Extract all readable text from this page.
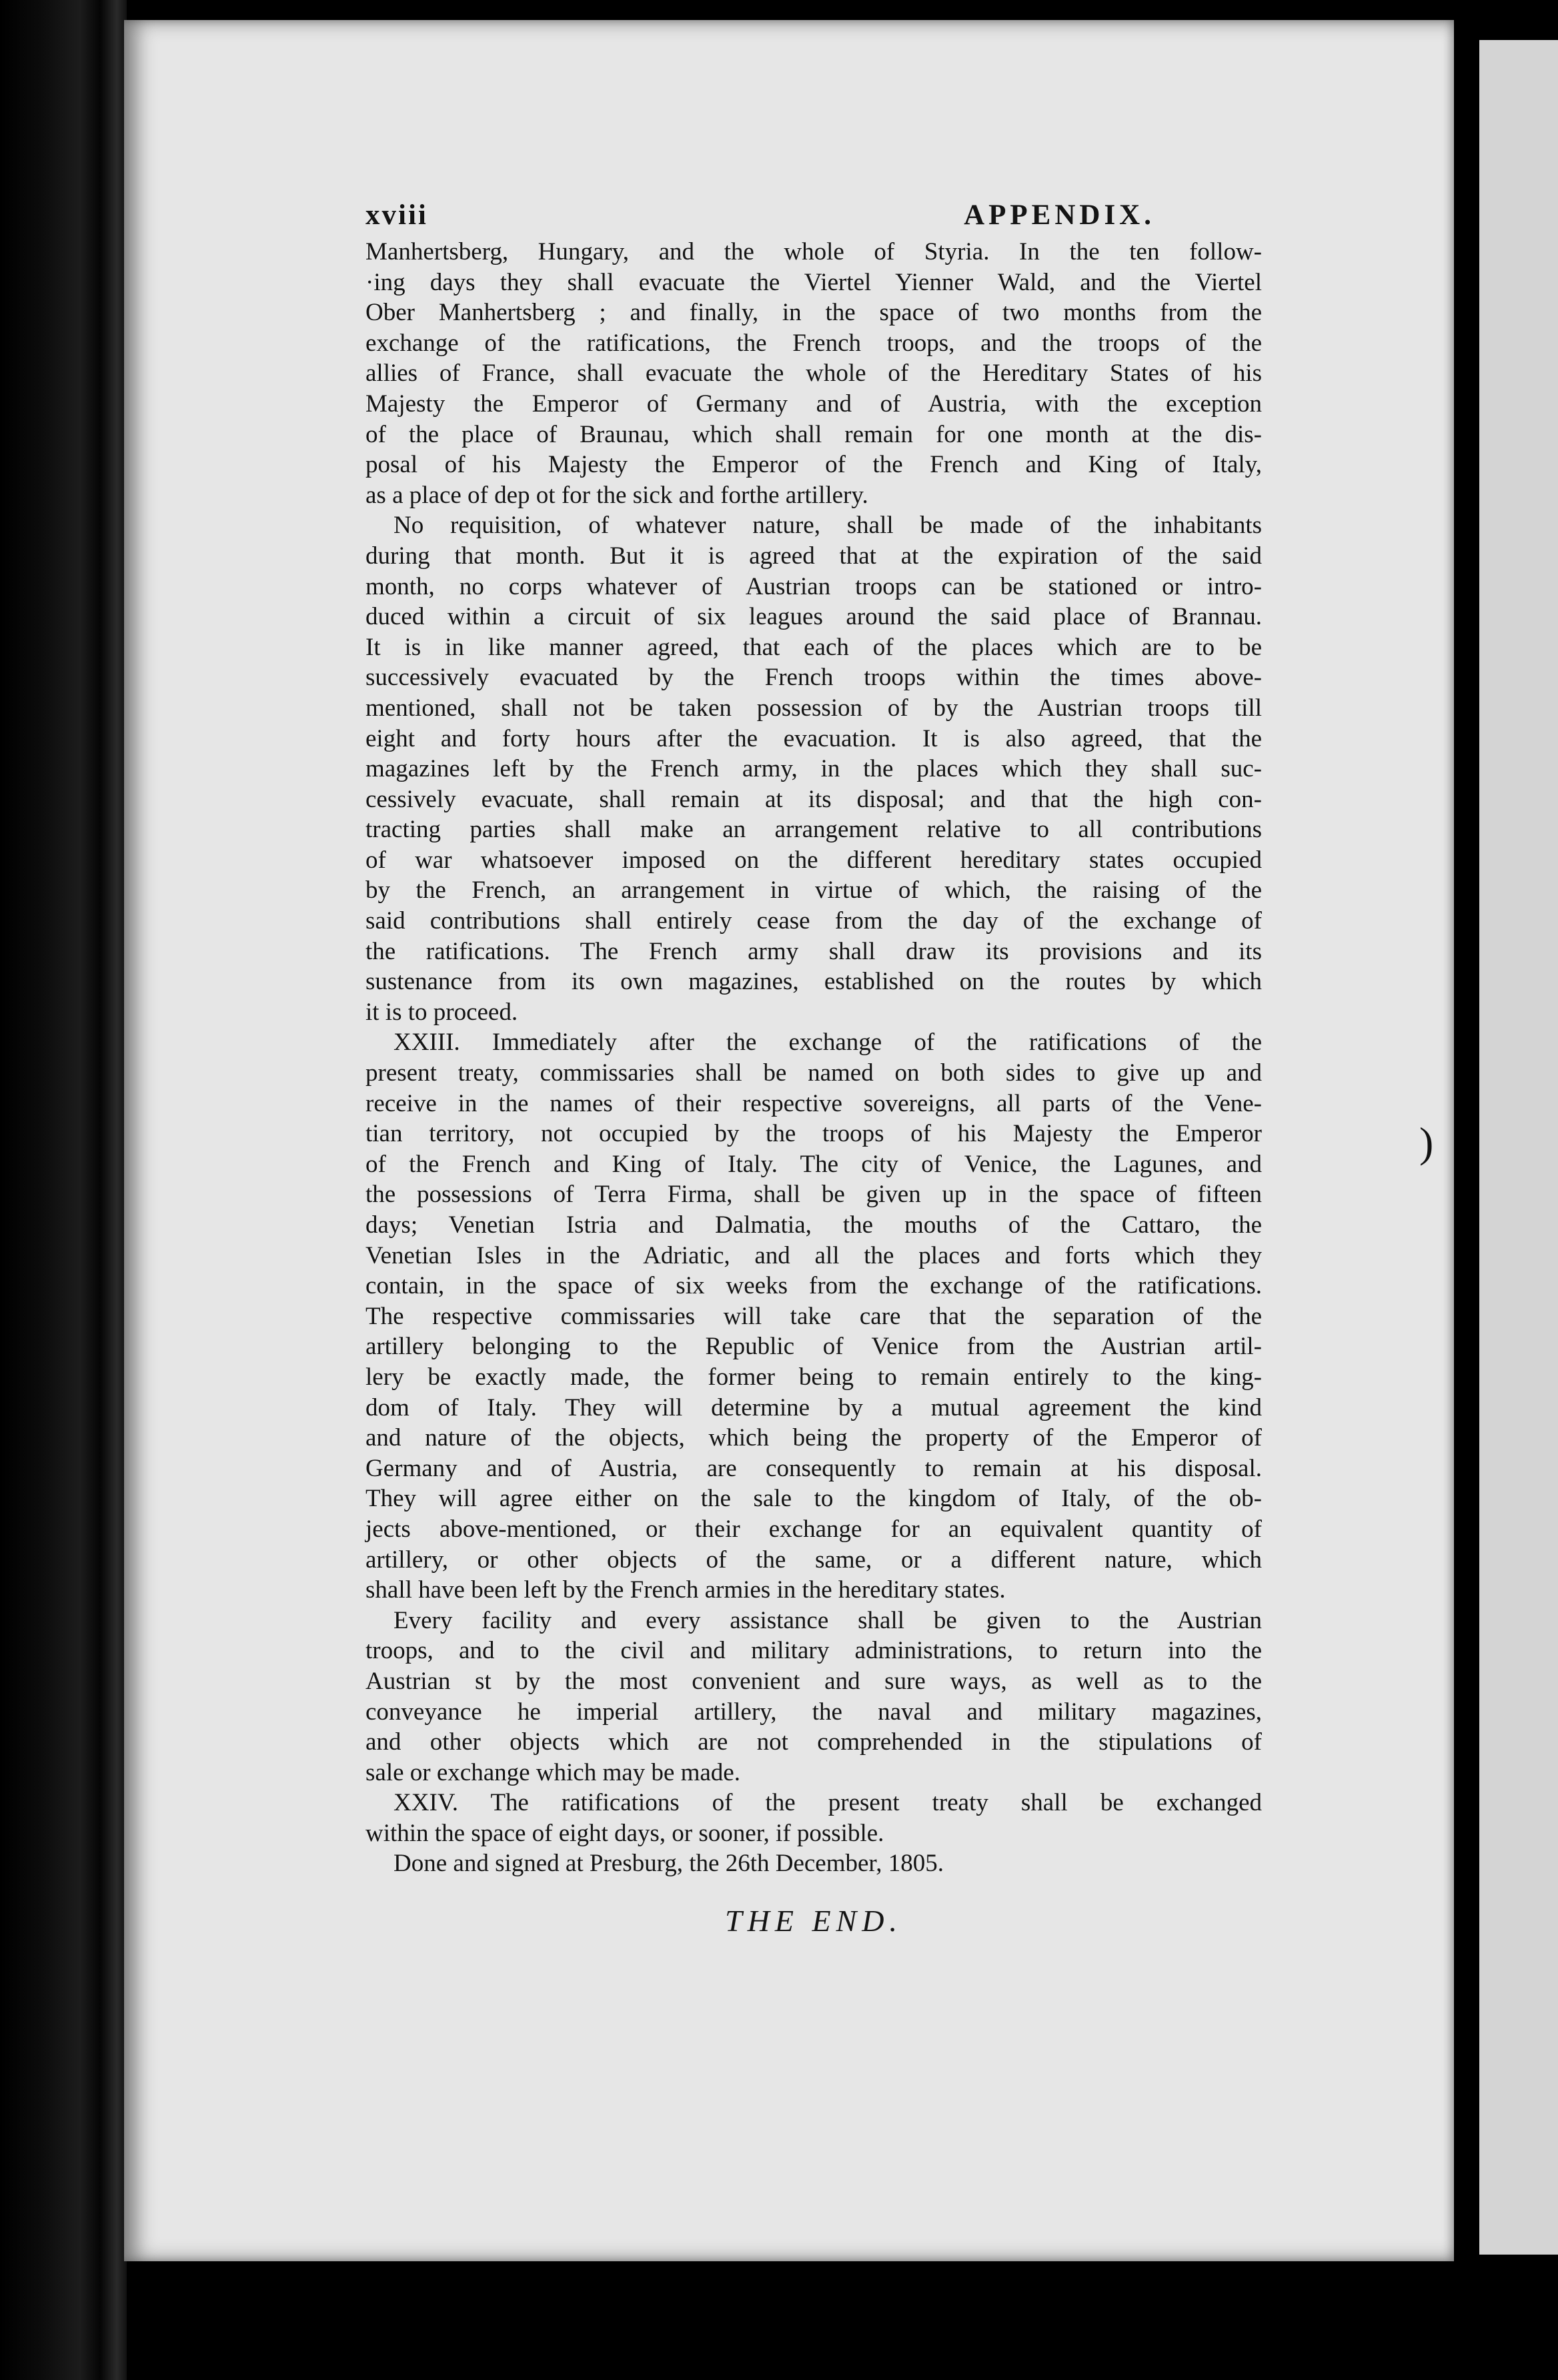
)
xviii	APPENDIX.

Manhertsberg, Hungary, and the whole of Styria. In the ten follow-

·ing days they shall evacuate the Viertel Yienner Wald, and the Viertel

Ober Manhertsberg ; and finally, in the space of two months from the

exchange of the ratifications, the French troops, and the troops of the

allies of France, shall evacuate the whole of the Hereditary States of his

Majesty the Emperor of Germany and of Austria, with the exception

of the place of Braunau, which shall remain for one month at the dis-

posal of his Majesty the Emperor of the French and King of Italy,

as a place of dep ot for the sick and forthe artillery.

No requisition, of whatever nature, shall be made of the inhabitants

during that month. But it is agreed that at the expiration of the said

month, no corps whatever of Austrian troops can be stationed or intro-

duced within a circuit of six leagues around the said place of Brannau.

It is in like manner agreed, that each of the places which are to be

successively evacuated by the French troops within the times above-

mentioned, shall not be taken possession of by the Austrian troops till

eight and forty hours after the evacuation. It is also agreed, that the

magazines left by the French army, in the places which they shall suc-

cessively evacuate, shall remain at its disposal; and that the high con-

tracting parties shall make an arrangement relative to all contributions

of war whatsoever imposed on the different hereditary states occupied

by the French, an arrangement in virtue of which, the raising of the

said contributions shall entirely cease from the day of the exchange of

the ratifications. The French army shall draw its provisions and its

sustenance from its own magazines, established on the routes by which

it is to proceed.

XXIII. Immediately after the exchange of the ratifications of the

present treaty, commissaries shall be named on both sides to give up and

receive in the names of their respective sovereigns, all parts of the Vene-

tian territory, not occupied by the troops of his Majesty the Emperor

of the French and King of Italy. The city of Venice, the Lagunes, and

the possessions of Terra Firma, shall be given up in the space of fifteen

days; Venetian Istria and Dalmatia, the mouths of the Cattaro, the

Venetian Isles in the Adriatic, and all the places and forts which they

contain, in the space of six weeks from the exchange of the ratifications.

The respective commissaries will take care that the separation of the

artillery belonging to the Republic of Venice from the Austrian artil-

lery be exactly made, the former being to remain entirely to the king-

dom of Italy. They will determine by a mutual agreement the kind

and nature of the objects, which being the property of the Emperor of

Germany and of Austria, are consequently to remain at his disposal.

They will agree either on the sale to the kingdom of Italy, of the ob-

jects above-mentioned, or their exchange for an equivalent quantity of

artillery, or other objects of the same, or a different nature, which

shall have been left by the French armies in the hereditary states.

Every facility and every assistance shall be given to the Austrian

troops, and to the civil and military administrations, to return into the

Austrian st by the most convenient and sure ways, as well as to the

conveyance he imperial artillery, the naval and military magazines,

and other objects which are not comprehended in the stipulations of

sale or exchange which may be made.

XXIV. The ratifications of the present treaty shall be exchanged

within the space of eight days, or sooner, if possible.

Done and signed at Presburg, the 26th December, 1805.

THE END.
